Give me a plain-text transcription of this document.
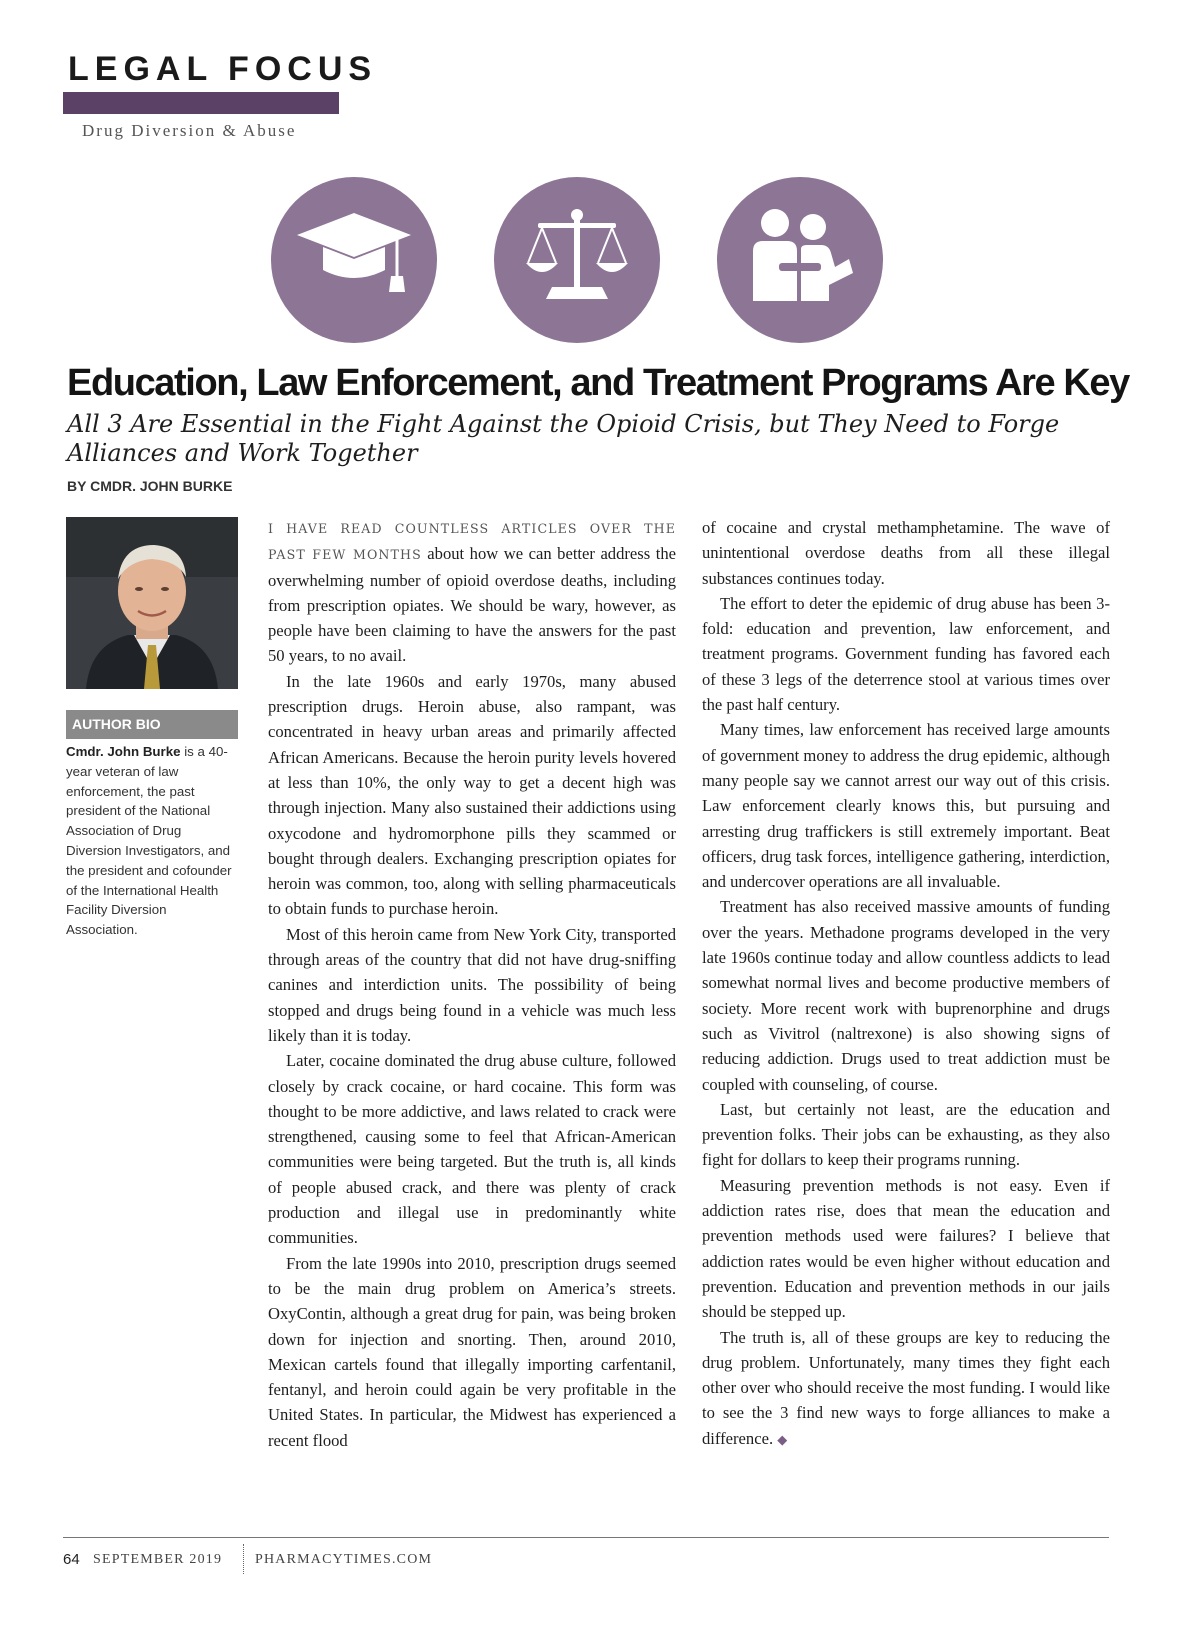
LEGAL FOCUS
Drug Diversion & Abuse
Education, Law Enforcement, and Treatment Programs Are Key
All 3 Are Essential in the Fight Against the Opioid Crisis, but They Need to Forge Alliances and Work Together
BY CMDR. JOHN BURKE
AUTHOR BIO
Cmdr. John Burke is a 40-year veteran of law enforcement, the past president of the National Association of Drug Diversion Investigators, and the president and cofounder of the International Health Facility Diversion Association.

I HAVE READ COUNTLESS ARTICLES OVER THE PAST FEW MONTHS about how we can better address the overwhelming number of opioid overdose deaths, including from prescription opiates. We should be wary, however, as people have been claiming to have the answers for the past 50 years, to no avail.

In the late 1960s and early 1970s, many abused prescription drugs. Heroin abuse, also rampant, was concentrated in heavy urban areas and primarily affected African Americans. Because the heroin purity levels hovered at less than 10%, the only way to get a decent high was through injection. Many also sustained their addictions using oxycodone and hydromorphone pills they scammed or bought through dealers. Exchanging prescription opiates for heroin was common, too, along with selling pharmaceuticals to obtain funds to purchase heroin.

Most of this heroin came from New York City, transported through areas of the country that did not have drug-sniffing canines and interdiction units. The possibility of being stopped and drugs being found in a vehicle was much less likely than it is today.

Later, cocaine dominated the drug abuse culture, followed closely by crack cocaine, or hard cocaine. This form was thought to be more addictive, and laws related to crack were strengthened, causing some to feel that African-American communities were being targeted. But the truth is, all kinds of people abused crack, and there was plenty of crack production and illegal use in predominantly white communities.

From the late 1990s into 2010, prescription drugs seemed to be the main drug problem on America’s streets. OxyContin, although a great drug for pain, was being broken down for injection and snorting. Then, around 2010, Mexican cartels found that illegally importing carfentanil, fentanyl, and heroin could again be very profitable in the United States. In particular, the Midwest has experienced a recent flood

of cocaine and crystal methamphetamine. The wave of unintentional overdose deaths from all these illegal substances continues today.

The effort to deter the epidemic of drug abuse has been 3-fold: education and prevention, law enforcement, and treatment programs. Government funding has favored each of these 3 legs of the deterrence stool at various times over the past half century.

Many times, law enforcement has received large amounts of government money to address the drug epidemic, although many people say we cannot arrest our way out of this crisis. Law enforcement clearly knows this, but pursuing and arresting drug traffickers is still extremely important. Beat officers, drug task forces, intelligence gathering, interdiction, and undercover operations are all invaluable.

Treatment has also received massive amounts of funding over the years. Methadone programs developed in the very late 1960s continue today and allow countless addicts to lead somewhat normal lives and become productive members of society. More recent work with buprenorphine and drugs such as Vivitrol (naltrexone) is also showing signs of reducing addiction. Drugs used to treat addiction must be coupled with counseling, of course.

Last, but certainly not least, are the education and prevention folks. Their jobs can be exhausting, as they also fight for dollars to keep their programs running.

Measuring prevention methods is not easy. Even if addiction rates rise, does that mean the education and prevention methods used were failures? I believe that addiction rates would be even higher without education and prevention. Education and prevention methods in our jails should be stepped up.

The truth is, all of these groups are key to reducing the drug problem. Unfortunately, many times they fight each other over who should receive the most funding. I would like to see the 3 find new ways to forge alliances to make a difference. ◆

64 SEPTEMBER 2019 PHARMACYTIMES.COM
